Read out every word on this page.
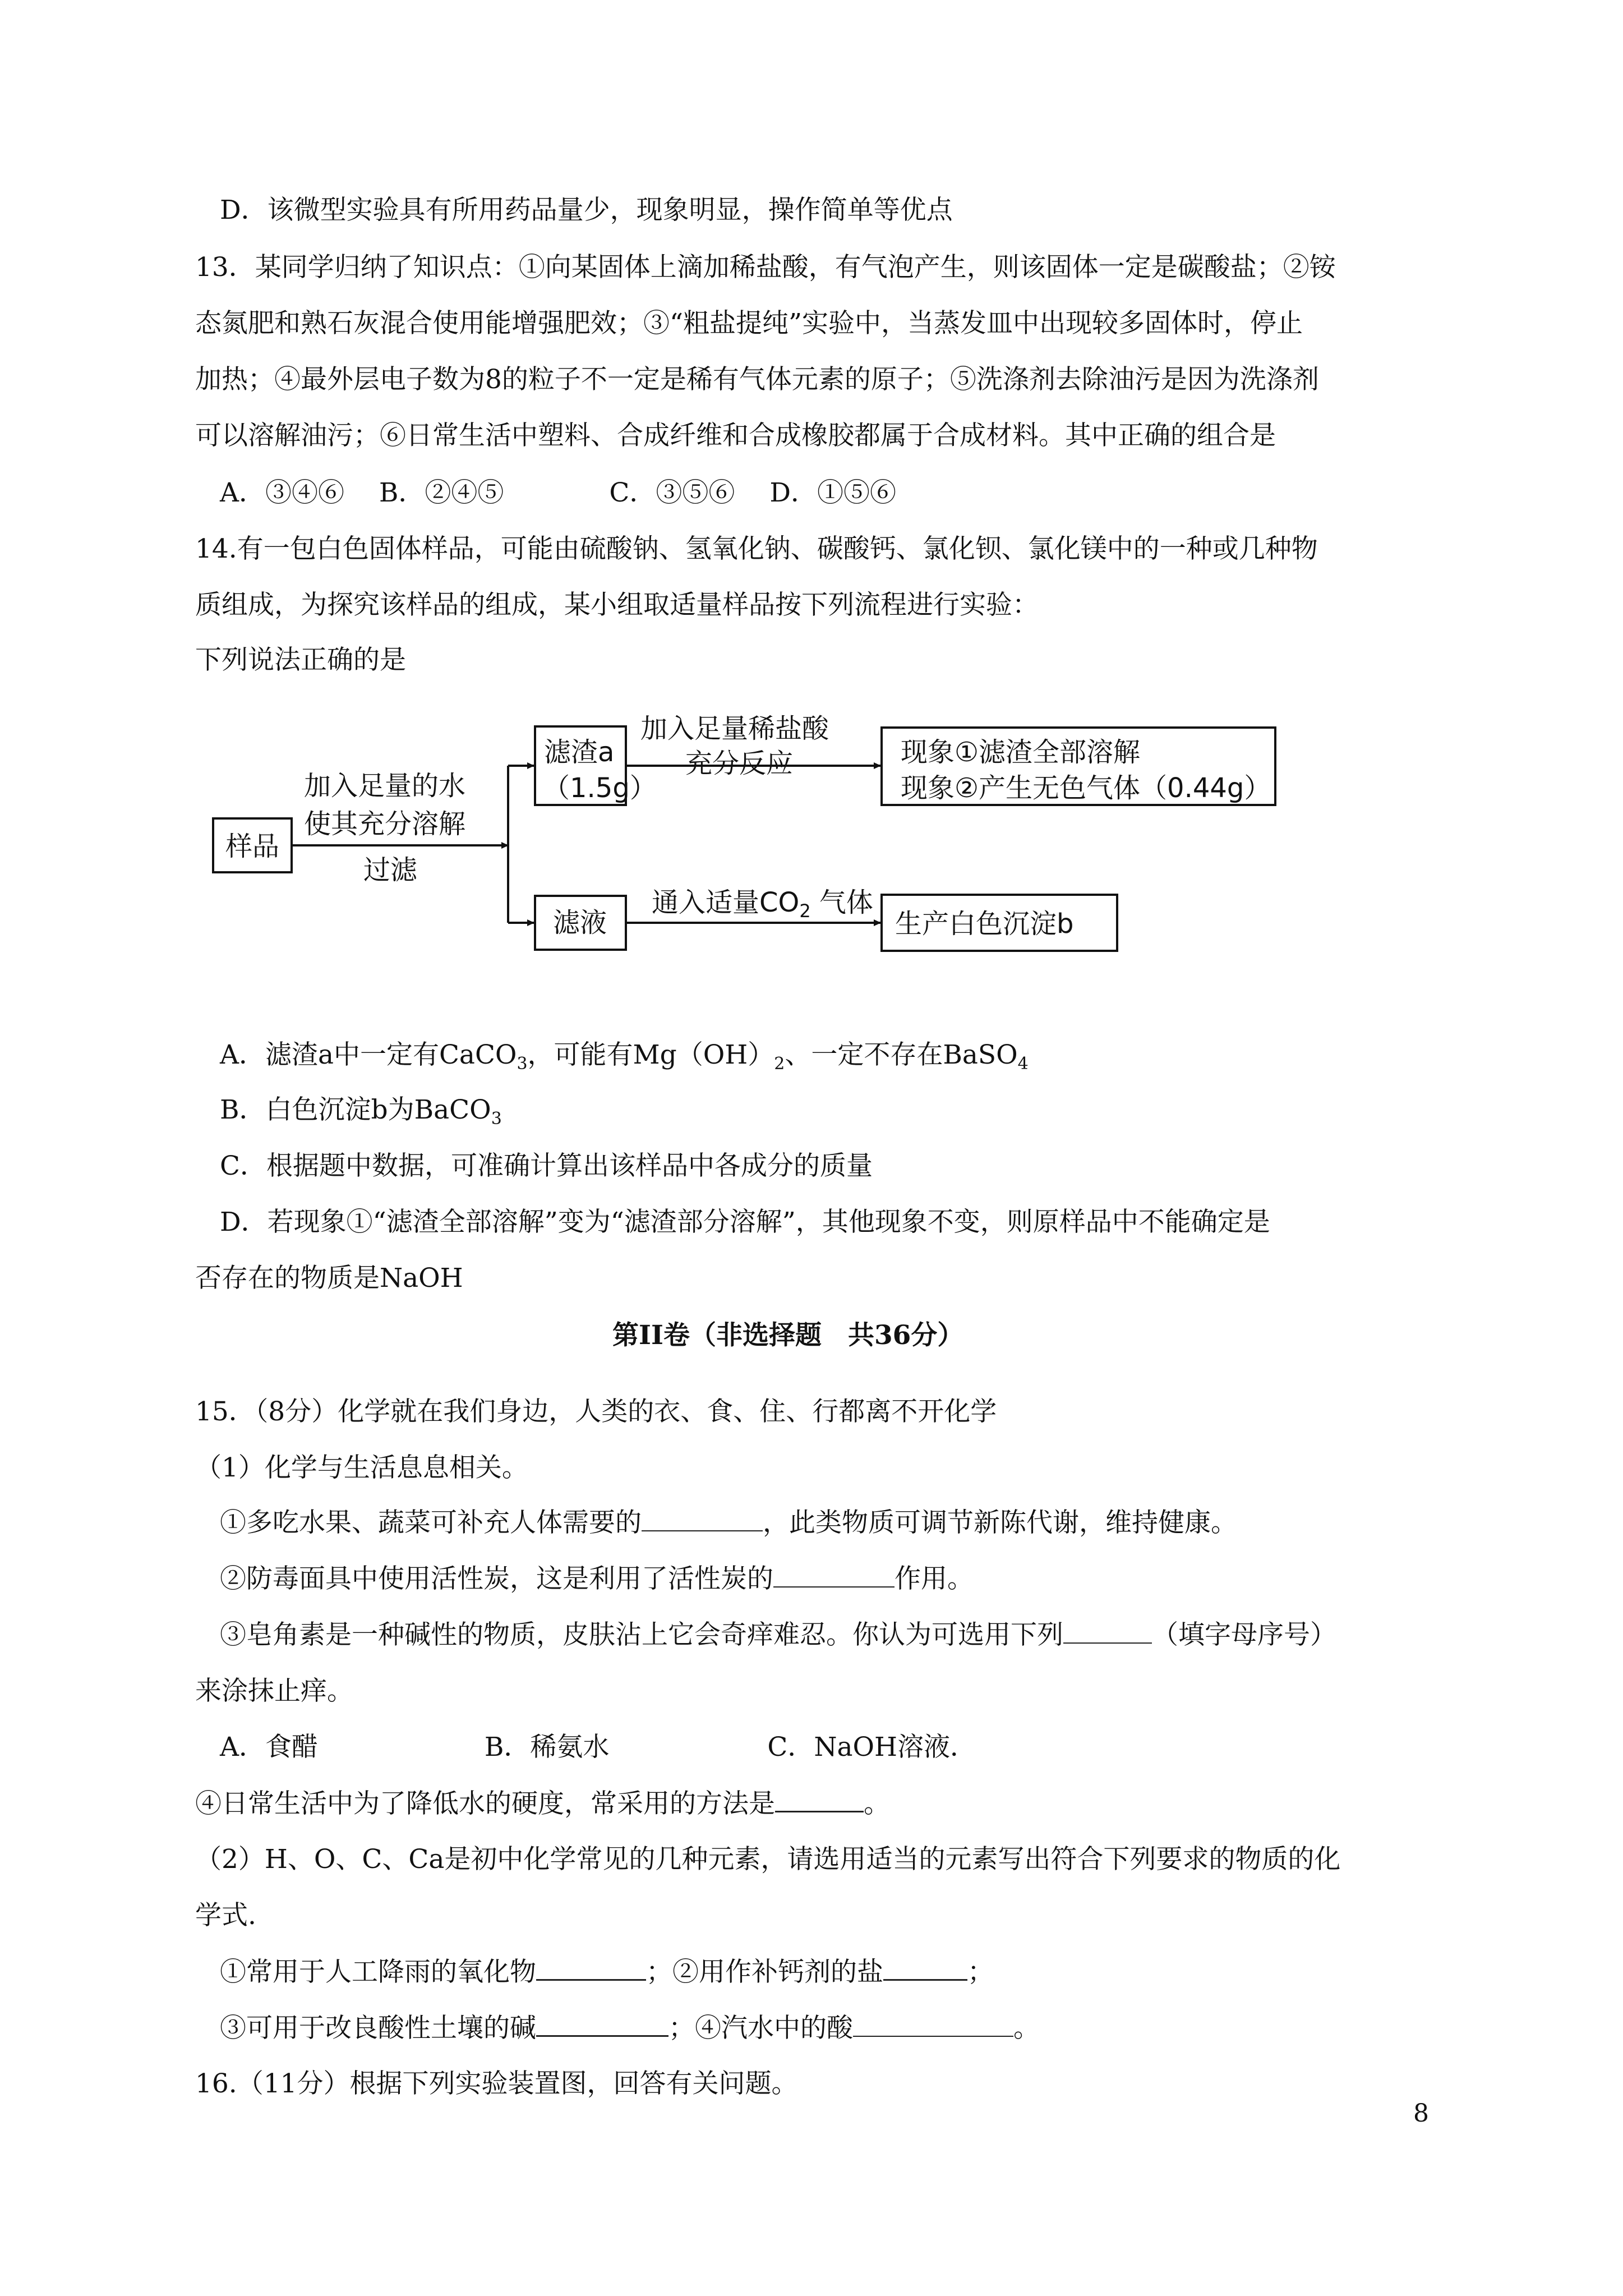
D．该微型实验具有所用药品量少，现象明显，操作简单等优点
13．某同学归纳了知识点：①向某固体上滴加稀盐酸，有气泡产生，则该固体一定是碳酸盐；②铵
态氮肥和熟石灰混合使用能增强肥效；③“粗盐提纯”实验中，当蒸发皿中出现较多固体时，停止
加热；④最外层电子数为8的粒子不一定是稀有气体元素的原子；⑤洗涤剂去除油污是因为洗涤剂
可以溶解油污；⑥日常生活中塑料、合成纤维和合成橡胶都属于合成材料。其中正确的组合是
A．③④⑥　 B．②④⑤　　　　C．③⑤⑥　 D．①⑤⑥
14.有一包白色固体样品，可能由硫酸钠、氢氧化钠、碳酸钙、氯化钡、氯化镁中的一种或几种物
质组成，为探究该样品的组成，某小组取适量样品按下列流程进行实验：
下列说法正确的是
样品
加入足量的水
使其充分溶解
过滤
滤渣a
（1.5g）
加入足量稀盐酸
充分反应	现象①滤渣全部溶解
现象②产生无色气体（0.44g）
滤液
通入适量$CO_2$ 气体
生产白色沉淀b
A．滤渣a中一定有CaCO$_3$，可能有$Mg(OH)_2$、一定不存在BaSO$_4$
B．白色沉淀b为BaCO$_3$
C．根据题中数据，可准确计算出该样品中各成分的质量
D．若现象①“滤渣全部溶解”变为“滤渣部分溶解”，其他现象不变，则原样品中不能确定是
否存在的物质是NaOH
第II卷（非选择题　共36分）
15．（8分）化学就在我们身边，人类的衣、食、住、行都离不开化学
（1）化学与生活息息相关。
①多吃水果、蔬菜可补充人体需要的	，此类物质可调节新陈代谢，维持健康。
②防毒面具中使用活性炭，这是利用了活性炭的	作用。
③皂角素是一种碱性的物质，皮肤沾上它会奇痒难忍。你认为可选用下列	（填字母序号）
来涂抹止痒。
A．食醋　　　　　　 B．稀氨水　　　　　　C．NaOH溶液．
④日常生活中为了降低水的硬度，常采用的方法是	。
（2）H、O、C、Ca是初中化学常见的几种元素，请选用适当的元素写出符合下列要求的物质的化
学式.
①常用于人工降雨的氧化物	；②用作补钙剂的盐	；
③可用于改良酸性土壤的碱	；④汽水中的酸	。
16.（11分）根据下列实验装置图，回答有关问题。
8
